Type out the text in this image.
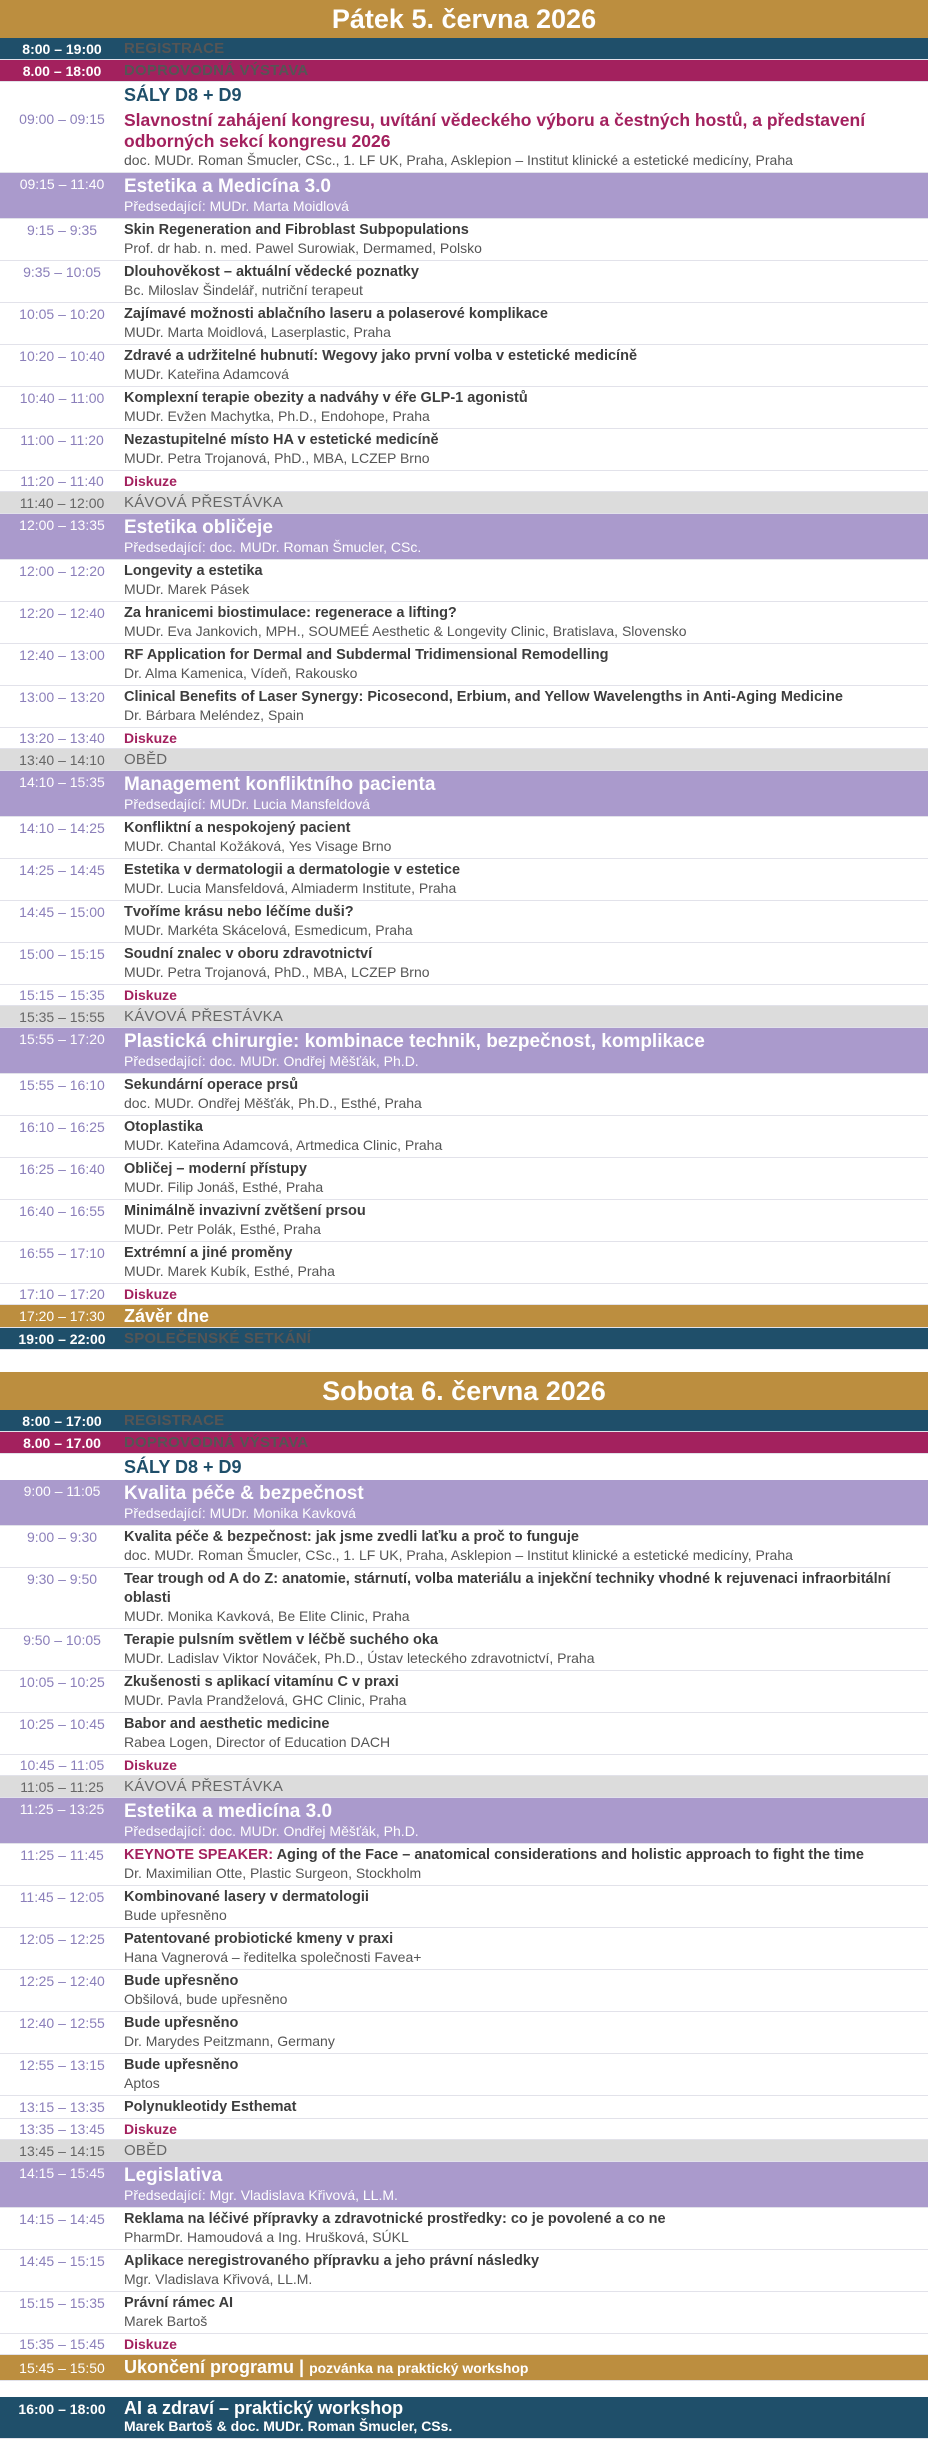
Pátek 5. června 2026
8:00 – 19:00	REGISTRACE
8.00 – 18:00	DOPROVODNÁ VÝSTAVA
SÁLY D8 + D9
09:00 – 09:15	Slavnostní zahájení kongresu, uvítání vědeckého výboru a čestných hostů, a představení odborných sekcí kongresu 2026
doc. MUDr. Roman Šmucler, CSc., 1. LF UK, Praha, Asklepion – Institut klinické a estetické medicíny, Praha
09:15 – 11:40	Estetika a Medicína 3.0
Předsedající: MUDr. Marta Moidlová
9:15 – 9:35	Skin Regeneration and Fibroblast Subpopulations
Prof. dr hab. n. med. Pawel Surowiak, Dermamed, Polsko
9:35 – 10:05	Dlouhověkost – aktuální vědecké poznatky
Bc. Miloslav Šindelář, nutriční terapeut
10:05 – 10:20	Zajímavé možnosti ablačního laseru a polaserové komplikace
MUDr. Marta Moidlová, Laserplastic, Praha
10:20 – 10:40	Zdravé a udržitelné hubnutí: Wegovy jako první volba v estetické medicíně
MUDr. Kateřina Adamcová
10:40 – 11:00	Komplexní terapie obezity a nadváhy v éře GLP-1 agonistů
MUDr. Evžen Machytka, Ph.D., Endohope, Praha
11:00 – 11:20	Nezastupitelné místo HA v estetické medicíně
MUDr. Petra Trojanová, PhD., MBA, LCZEP Brno
11:20 – 11:40	Diskuze
11:40 – 12:00	KÁVOVÁ PŘESTÁVKA
12:00 – 13:35	Estetika obličeje
Předsedající: doc. MUDr. Roman Šmucler, CSc.
12:00 – 12:20	Longevity a estetika
MUDr. Marek Pásek
12:20 – 12:40	Za hranicemi biostimulace: regenerace a lifting?
MUDr. Eva Jankovich, MPH., SOUMEÉ Aesthetic & Longevity Clinic, Bratislava, Slovensko
12:40 – 13:00	RF Application for Dermal and Subdermal Tridimensional Remodelling
Dr. Alma Kamenica, Vídeň, Rakousko
13:00 – 13:20	Clinical Benefits of Laser Synergy: Picosecond, Erbium, and Yellow Wavelengths in Anti-Aging Medicine
Dr. Bárbara Meléndez, Spain
13:20 – 13:40	Diskuze
13:40 – 14:10	OBĚD
14:10 – 15:35	Management konfliktního pacienta
Předsedající: MUDr. Lucia Mansfeldová
14:10 – 14:25	Konfliktní a nespokojený pacient
MUDr. Chantal Kožáková, Yes Visage Brno
14:25 – 14:45	Estetika v dermatologii a dermatologie v estetice
MUDr. Lucia Mansfeldová, Almiaderm Institute, Praha
14:45 – 15:00	Tvoříme krásu nebo léčíme duši?
MUDr. Markéta Skácelová, Esmedicum, Praha
15:00 – 15:15	Soudní znalec v oboru zdravotnictví
MUDr. Petra Trojanová, PhD., MBA, LCZEP Brno
15:15 – 15:35	Diskuze
15:35 – 15:55	KÁVOVÁ PŘESTÁVKA
15:55 – 17:20	Plastická chirurgie: kombinace technik, bezpečnost, komplikace
Předsedající: doc. MUDr. Ondřej Měšťák, Ph.D.
15:55 – 16:10	Sekundární operace prsů
doc. MUDr. Ondřej Měšťák, Ph.D., Esthé, Praha
16:10 – 16:25	Otoplastika
MUDr. Kateřina Adamcová, Artmedica Clinic, Praha
16:25 – 16:40	Obličej – moderní přístupy
MUDr. Filip Jonáš, Esthé, Praha
16:40 – 16:55	Minimálně invazivní zvětšení prsou
MUDr. Petr Polák, Esthé, Praha
16:55 – 17:10	Extrémní a jiné proměny
MUDr. Marek Kubík, Esthé, Praha
17:10 – 17:20	Diskuze
17:20 – 17:30	Závěr dne
19:00 – 22:00	SPOLEČENSKÉ SETKÁNÍ
Sobota 6. června 2026
8:00 – 17:00	REGISTRACE
8.00 – 17.00	DOPROVODNÁ VÝSTAVA
SÁLY D8 + D9
9:00 – 11:05	Kvalita péče & bezpečnost
Předsedající: MUDr. Monika Kavková
9:00 – 9:30	Kvalita péče & bezpečnost: jak jsme zvedli laťku a proč to funguje
doc. MUDr. Roman Šmucler, CSc., 1. LF UK, Praha, Asklepion – Institut klinické a estetické medicíny, Praha
9:30 – 9:50	Tear trough od A do Z: anatomie, stárnutí, volba materiálu a injekční techniky vhodné k rejuvenaci infraorbitální oblasti
MUDr. Monika Kavková, Be Elite Clinic, Praha
9:50 – 10:05	Terapie pulsním světlem v léčbě suchého oka
MUDr. Ladislav Viktor Nováček, Ph.D., Ústav leteckého zdravotnictví, Praha
10:05 – 10:25	Zkušenosti s aplikací vitamínu C v praxi
MUDr. Pavla Prandželová, GHC Clinic, Praha
10:25 – 10:45	Babor and aesthetic medicine
Rabea Logen, Director of Education DACH
10:45 – 11:05	Diskuze
11:05 – 11:25	KÁVOVÁ PŘESTÁVKA
11:25 – 13:25	Estetika a medicína 3.0
Předsedající: doc. MUDr. Ondřej Měšťák, Ph.D.
11:25 – 11:45	KEYNOTE SPEAKER: Aging of the Face – anatomical considerations and holistic approach to fight the time
Dr. Maximilian Otte, Plastic Surgeon, Stockholm
11:45 – 12:05	Kombinované lasery v dermatologii
Bude upřesněno
12:05 – 12:25	Patentované probiotické kmeny v praxi
Hana Vagnerová – ředitelka společnosti Favea+
12:25 – 12:40	Bude upřesněno
Obšilová, bude upřesněno
12:40 – 12:55	Bude upřesněno
Dr. Marydes Peitzmann, Germany
12:55 – 13:15	Bude upřesněno
Aptos
13:15 – 13:35	Polynukleotidy Esthemat
13:35 – 13:45	Diskuze
13:45 – 14:15	OBĚD
14:15 – 15:45	Legislativa
Předsedající: Mgr. Vladislava Křivová, LL.M.
14:15 – 14:45	Reklama na léčivé přípravky a zdravotnické prostředky: co je povolené a co ne
PharmDr. Hamoudová a Ing. Hrušková, SÚKL
14:45 – 15:15	Aplikace neregistrovaného přípravku a jeho právní následky
Mgr. Vladislava Křivová, LL.M.
15:15 – 15:35	Právní rámec AI
Marek Bartoš
15:35 – 15:45	Diskuze
15:45 – 15:50	Ukončení programu | pozvánka na praktický workshop
16:00 – 18:00	AI a zdraví – praktický workshop
Marek Bartoš & doc. MUDr. Roman Šmucler, CSs.
